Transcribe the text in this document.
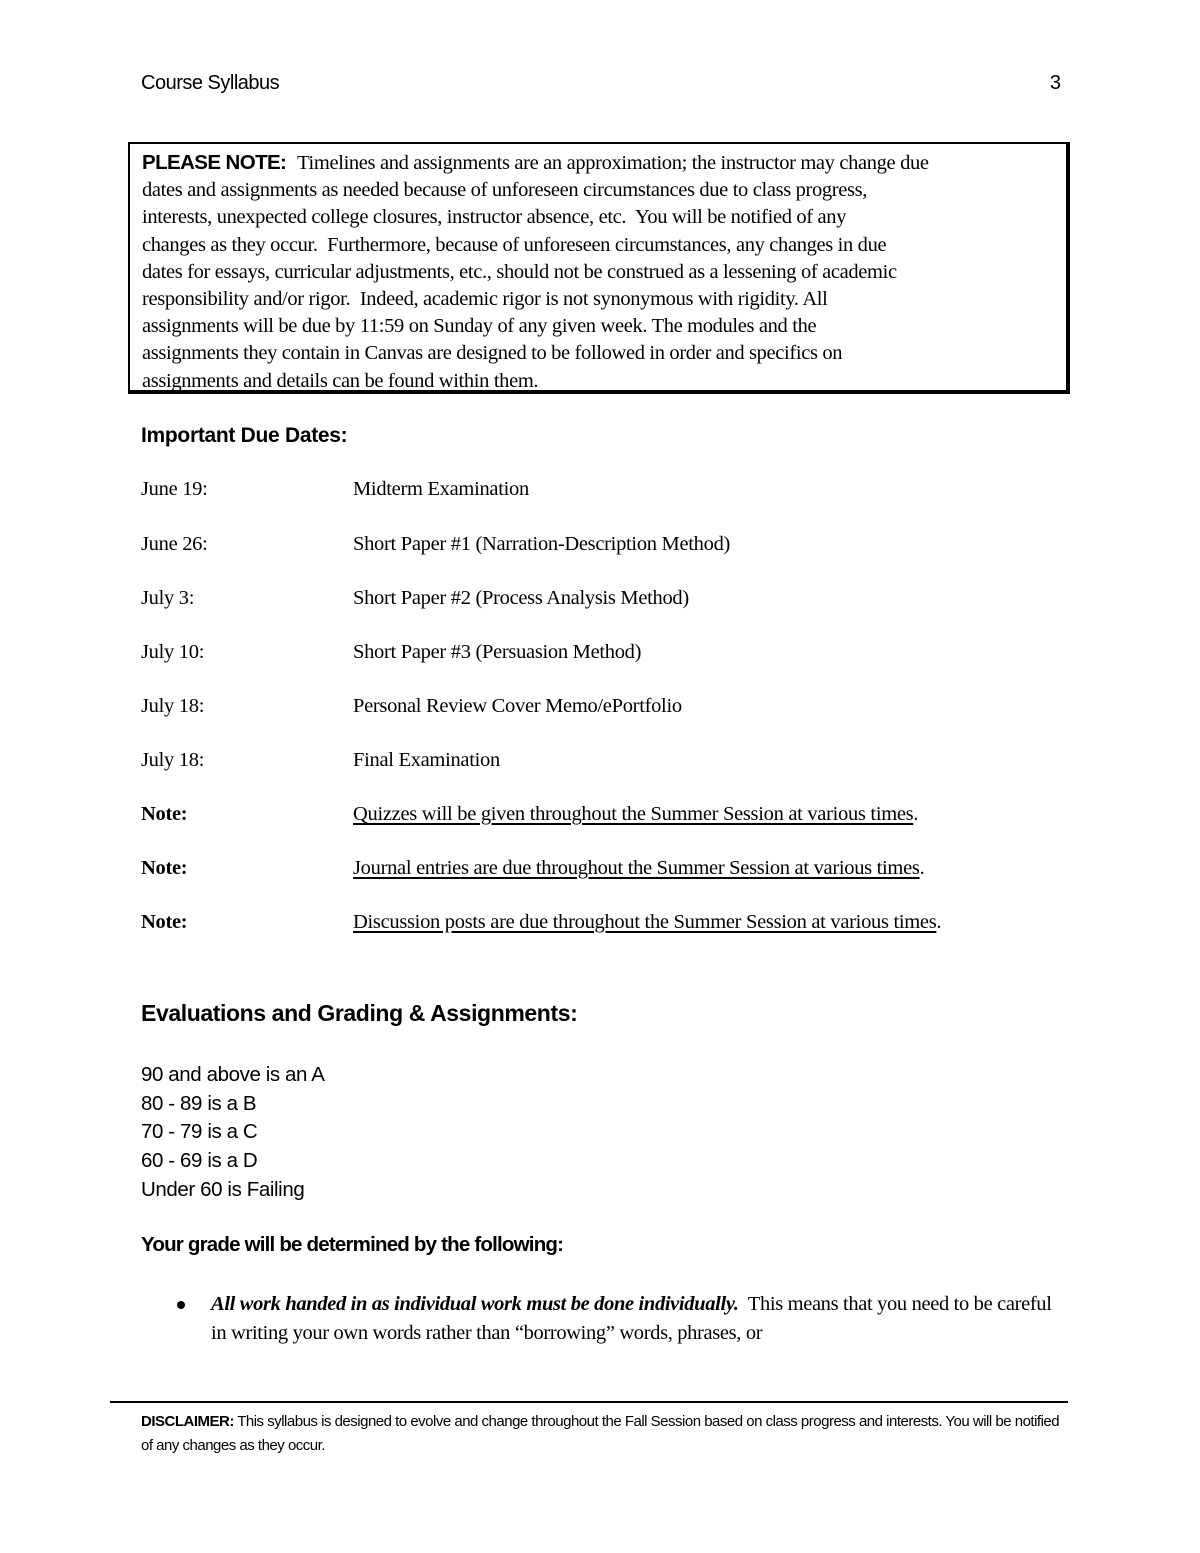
Course Syllabus	3
PLEASE NOTE: Timelines and assignments are an approximation; the instructor may change due
dates and assignments as needed because of unforeseen circumstances due to class progress,
interests, unexpected college closures, instructor absence, etc.  You will be notified of any
changes as they occur.  Furthermore, because of unforeseen circumstances, any changes in due
dates for essays, curricular adjustments, etc., should not be construed as a lessening of academic
responsibility and/or rigor.  Indeed, academic rigor is not synonymous with rigidity. All
assignments will be due by 11:59 on Sunday of any given week. The modules and the
assignments they contain in Canvas are designed to be followed in order and specifics on
assignments and details can be found within them.
Important Due Dates:
June 19:	Midterm Examination
June 26:	Short Paper #1 (Narration-Description Method)
July 3:	Short Paper #2 (Process Analysis Method)
July 10:	Short Paper #3 (Persuasion Method)
July 18:	Personal Review Cover Memo/ePortfolio
July 18:	Final Examination
Note:	Quizzes will be given throughout the Summer Session at various times.
Note:	Journal entries are due throughout the Summer Session at various times.
Note:	Discussion posts are due throughout the Summer Session at various times.
Evaluations and Grading & Assignments:
90 and above is an A
80 - 89 is a B
70 - 79 is a C
60 - 69 is a D
Under 60 is Failing
Your grade will be determined by the following:
All work handed in as individual work must be done individually.  This means that you need to be careful in writing your own words rather than “borrowing” words, phrases, or
DISCLAIMER: This syllabus is designed to evolve and change throughout the Fall Session based on class progress and interests. You will be notified of any changes as they occur.
